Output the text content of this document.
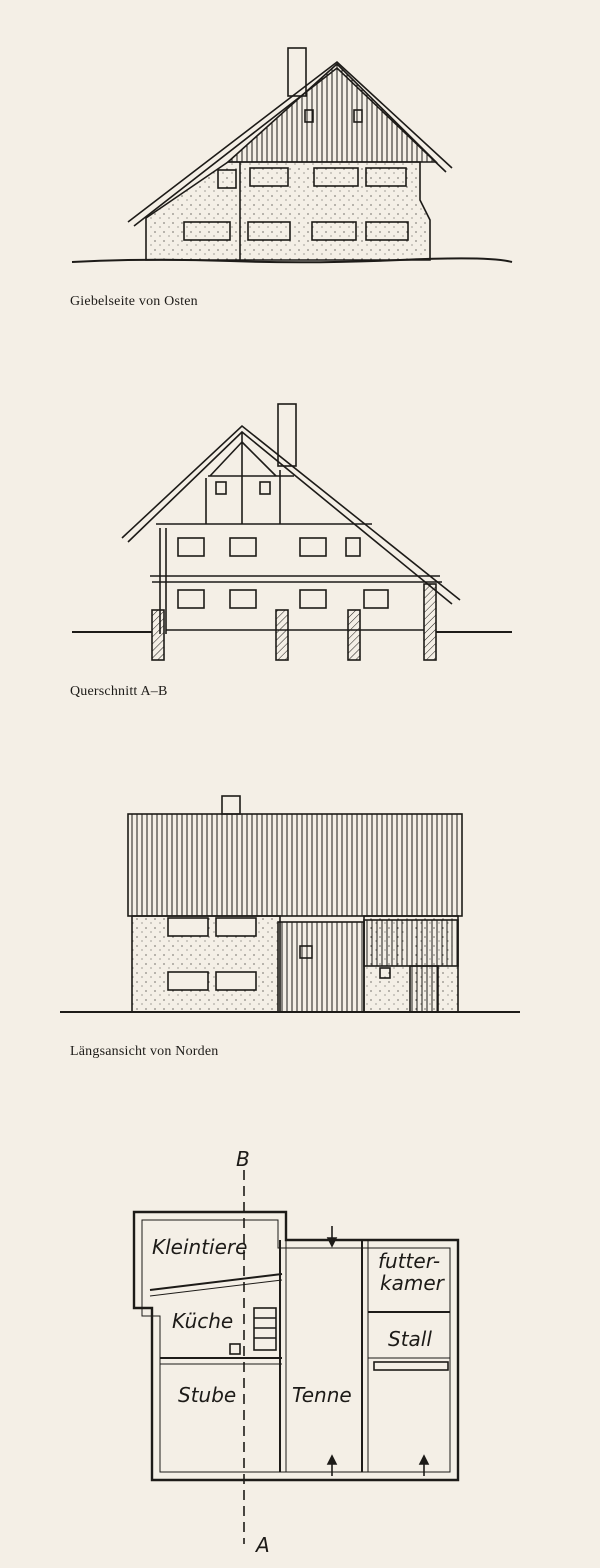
Giebelseite von Osten
Querschnitt A–B
Längsansicht von Norden
B
A
Kleintiere
Küche
Stube	Tenne
futter-
kamer
Stall
